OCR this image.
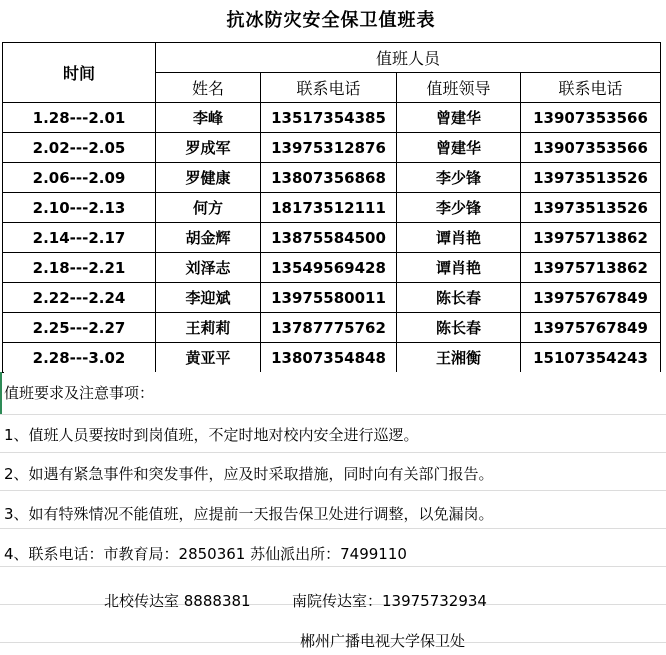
抗冰防灾安全保卫值班表
时间	值班人员			
	姓名	联系电话	值班领导	联系电话
1.28---2.01	李峰	13517354385	曾建华	13907353566
2.02---2.05	罗成军	13975312876	曾建华	13907353566
2.06---2.09	罗健康	13807356868	李少锋	13973513526
2.10---2.13	何方	18173512111	李少锋	13973513526
2.14---2.17	胡金辉	13875584500	谭肖艳	13975713862
2.18---2.21	刘泽志	13549569428	谭肖艳	13975713862
2.22---2.24	李迎斌	13975580011	陈长春	13975767849
2.25---2.27	王莉莉	13787775762	陈长春	13975767849
2.28---3.02	黄亚平	13807354848	王湘衡	15107354243
值班要求及注意事项：
1、值班人员要按时到岗值班，不定时地对校内安全进行巡逻。
2、如遇有紧急事件和突发事件，应及时采取措施，同时向有关部门报告。
3、如有特殊情况不能值班，应提前一天报告保卫处进行调整，以免漏岗。
4、联系电话：市教育局：2850361 苏仙派出所：7499110
北校传达室 8888381	南院传达室：13975732934
郴州广播电视大学保卫处
